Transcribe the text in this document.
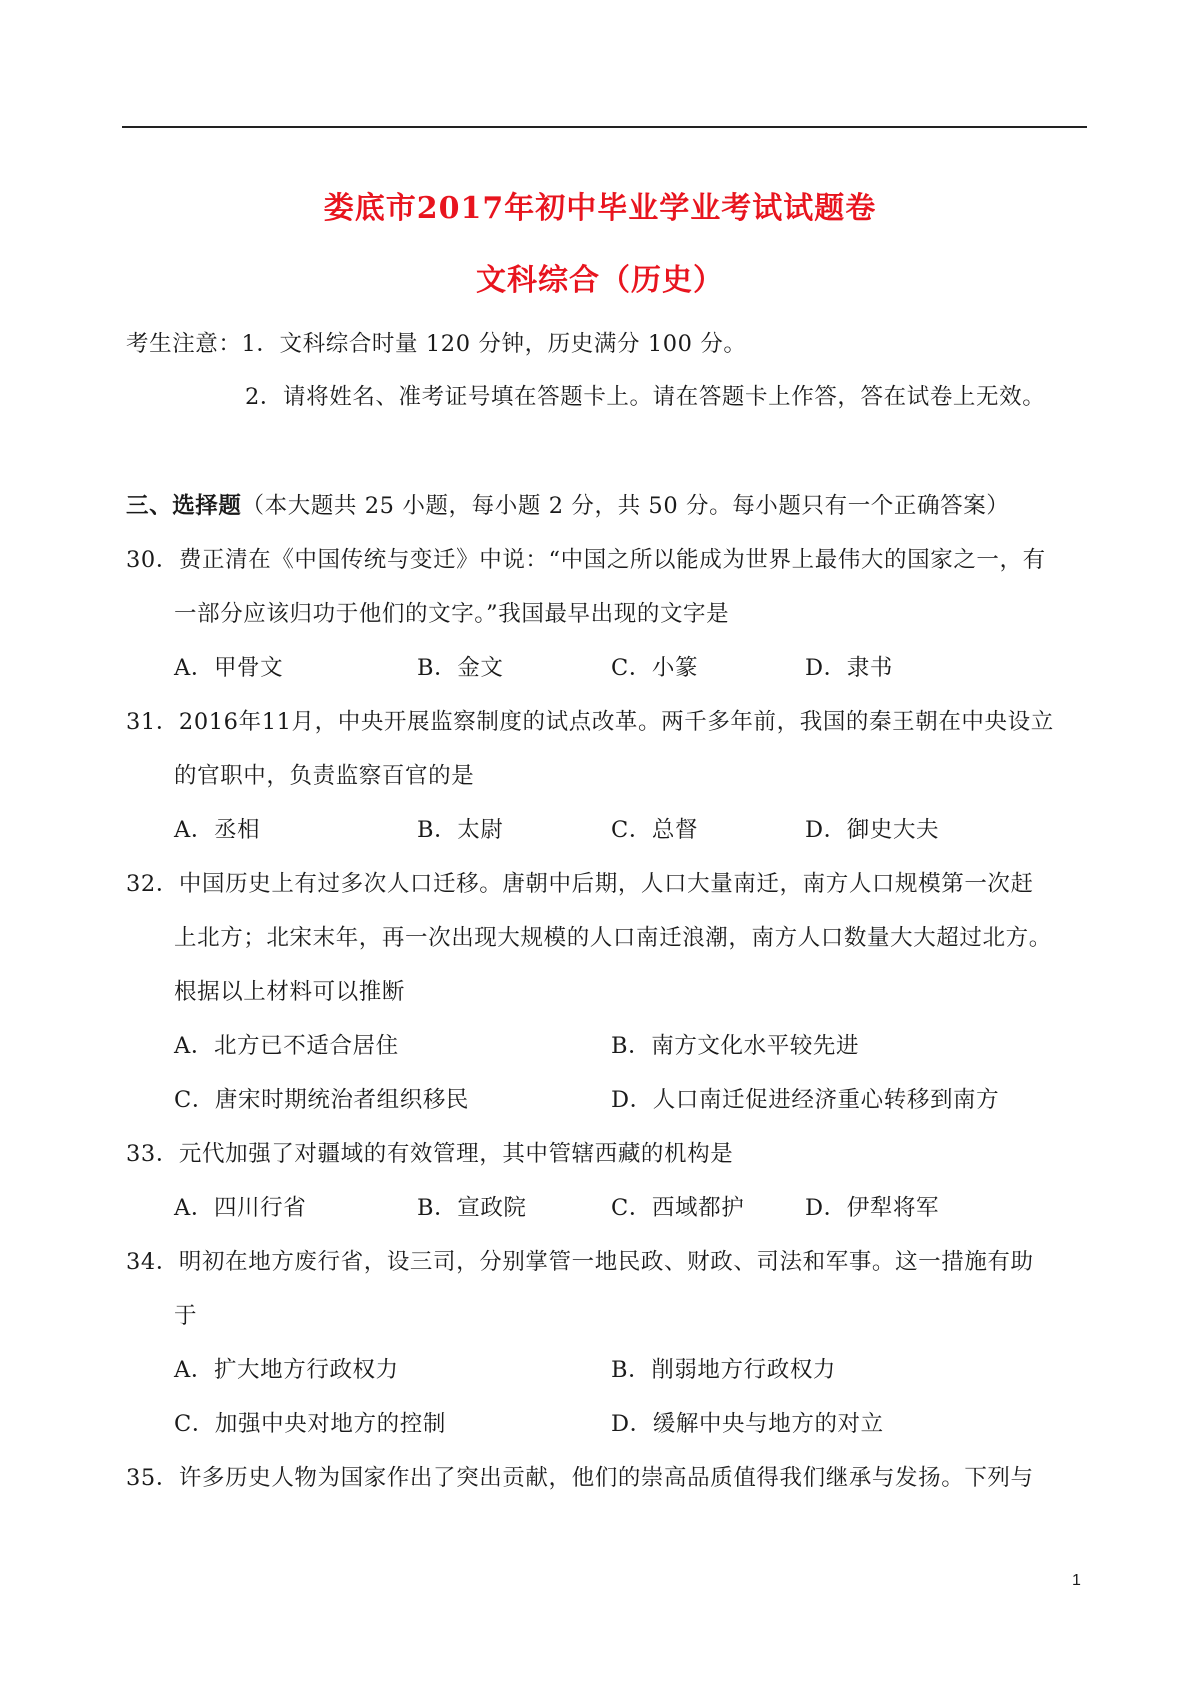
娄底市2017年初中毕业学业考试试题卷
文科综合（历史）
考生注意：1．文科综合时量 120 分钟，历史满分 100 分。
2．请将姓名、准考证号填在答题卡上。请在答题卡上作答，答在试卷上无效。
三、选择题（本大题共 25 小题，每小题 2 分，共 50 分。每小题只有一个正确答案）
30．费正清在《中国传统与变迁》中说：“中国之所以能成为世界上最伟大的国家之一，有
一部分应该归功于他们的文字。”我国最早出现的文字是
A．甲骨文	B．金文	C．小篆	D．隶书
31．2016年11月，中央开展监察制度的试点改革。两千多年前，我国的秦王朝在中央设立
的官职中，负责监察百官的是
A．丞相	B．太尉	C．总督	D．御史大夫
32．中国历史上有过多次人口迁移。唐朝中后期，人口大量南迁，南方人口规模第一次赶
上北方；北宋末年，再一次出现大规模的人口南迁浪潮，南方人口数量大大超过北方。
根据以上材料可以推断
A．北方已不适合居住	B．南方文化水平较先进
C．唐宋时期统治者组织移民	D．人口南迁促进经济重心转移到南方
33．元代加强了对疆域的有效管理，其中管辖西藏的机构是
A．四川行省	B．宣政院	C．西域都护	D．伊犁将军
34．明初在地方废行省，设三司，分别掌管一地民政、财政、司法和军事。这一措施有助
于
A．扩大地方行政权力	B．削弱地方行政权力
C．加强中央对地方的控制	D．缓解中央与地方的对立
35．许多历史人物为国家作出了突出贡献，他们的崇高品质值得我们继承与发扬。下列与
1
